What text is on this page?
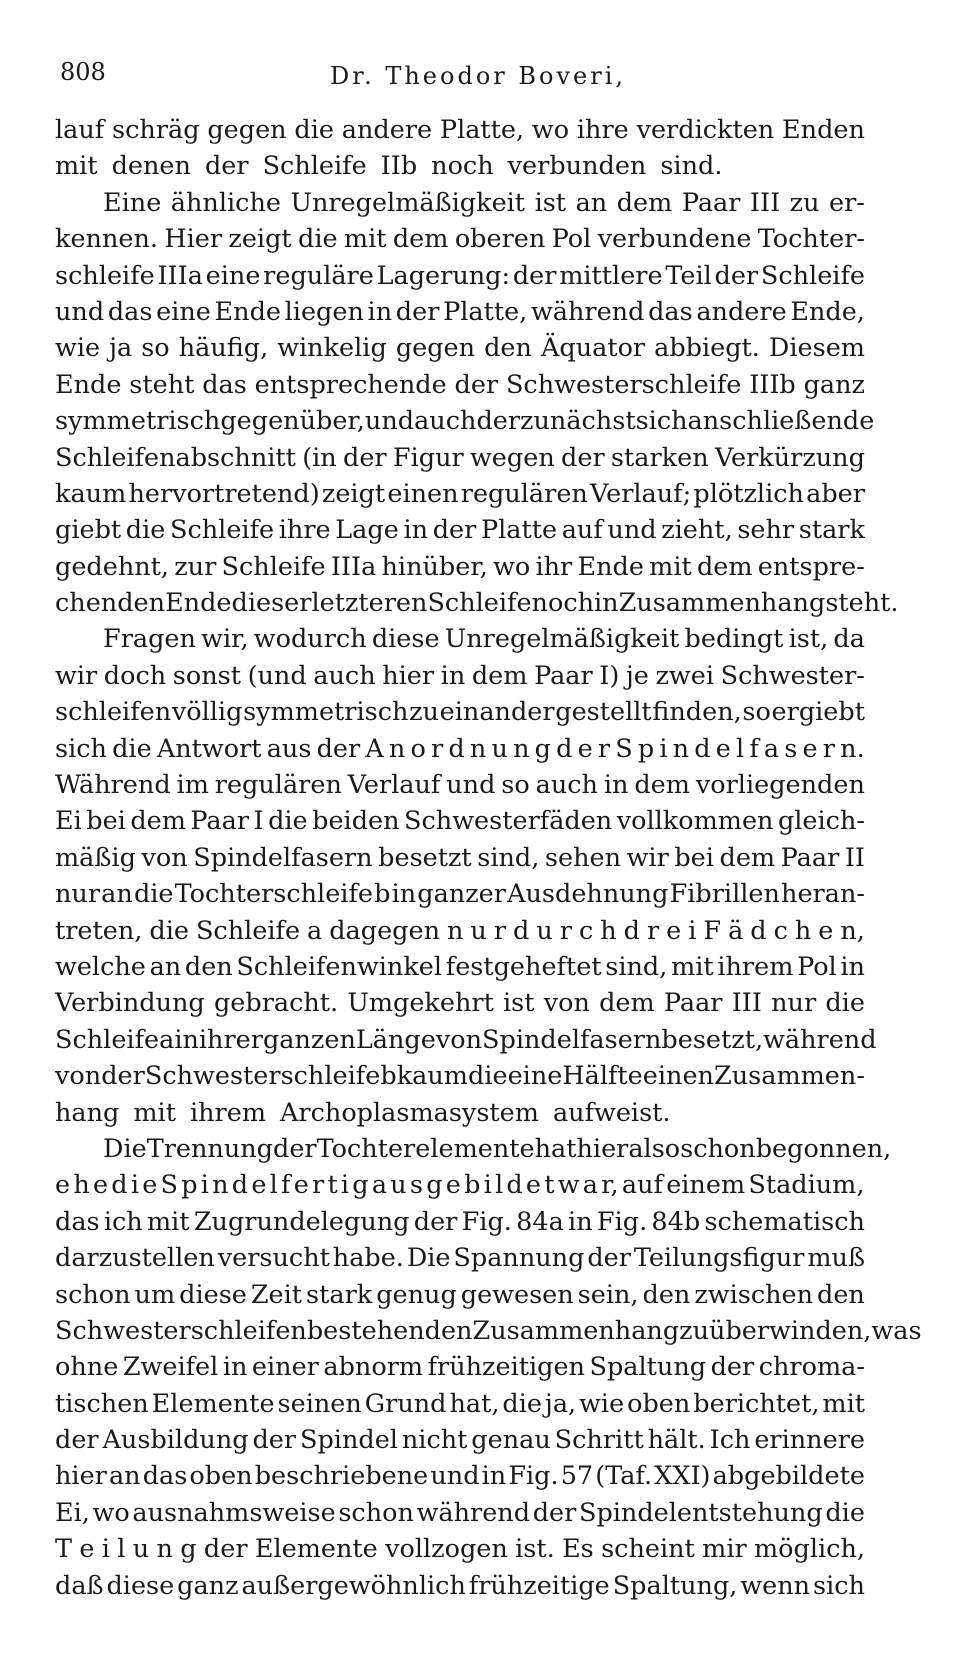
808	Dr. Theodor Boveri,
lauf schräg gegen die andere Platte, wo ihre verdickten Enden
mit denen der Schleife IIb noch verbunden sind.
Eine ähnliche Unregelmäßigkeit ist an dem Paar III zu er-
kennen. Hier zeigt die mit dem oberen Pol verbundene Tochter-
schleife IIIa eine reguläre Lagerung: der mittlere Teil der Schleife
und das eine Ende liegen in der Platte, während das andere Ende,
wie ja so häufig, winkelig gegen den Äquator abbiegt. Diesem
Ende steht das entsprechende der Schwesterschleife IIIb ganz
symmetrisch gegenüber, und auch der zunächst sich anschließende
Schleifenabschnitt (in der Figur wegen der starken Verkürzung
kaum hervortretend) zeigt einen regulären Verlauf; plötzlich aber
giebt die Schleife ihre Lage in der Platte auf und zieht, sehr stark
gedehnt, zur Schleife IIIa hinüber, wo ihr Ende mit dem entspre-
chenden Ende dieser letzteren Schleife noch in Zusammenhang steht.
Fragen wir, wodurch diese Unregelmäßigkeit bedingt ist, da
wir doch sonst (und auch hier in dem Paar I) je zwei Schwester-
schleifen völlig symmetrisch zu einander gestellt finden, so ergiebt
sich die Antwort aus der A n o r d n u n g d e r S p i n d e l f a s e r n.
Während im regulären Verlauf und so auch in dem vorliegenden
Ei bei dem Paar I die beiden Schwesterfäden vollkommen gleich-
mäßig von Spindelfasern besetzt sind, sehen wir bei dem Paar II
nur an die Tochterschleife b in ganzer Ausdehnung Fibrillen heran-
treten, die Schleife a dagegen n u r d u r c h d r e i F ä d c h e n,
welche an den Schleifenwinkel festgeheftet sind, mit ihrem Pol in
Verbindung gebracht. Umgekehrt ist von dem Paar III nur die
Schleife a in ihrer ganzen Länge von Spindelfasern besetzt, während
von der Schwesterschleife b kaum die eine Hälfte einen Zusammen-
hang mit ihrem Archoplasmasystem aufweist.
Die Trennung der Tochterelemente hat hier also schon begonnen,
e h e d i e S p i n d e l f e r t i g a u s g e b i l d e t w a r, auf einem Stadium,
das ich mit Zugrundelegung der Fig. 84a in Fig. 84b schematisch
darzustellen versucht habe. Die Spannung der Teilungsfigur muß
schon um diese Zeit stark genug gewesen sein, den zwischen den
Schwesterschleifen bestehenden Zusammenhang zu überwinden, was
ohne Zweifel in einer abnorm frühzeitigen Spaltung der chroma-
tischen Elemente seinen Grund hat, die ja, wie oben berichtet, mit
der Ausbildung der Spindel nicht genau Schritt hält. Ich erinnere
hier an das oben beschriebene und in Fig. 57 (Taf. XXI) abgebildete
Ei, wo ausnahmsweise schon während der Spindelentstehung die
T e i l u n g der Elemente vollzogen ist. Es scheint mir möglich,
daß diese ganz außergewöhnlich frühzeitige Spaltung, wenn sich
